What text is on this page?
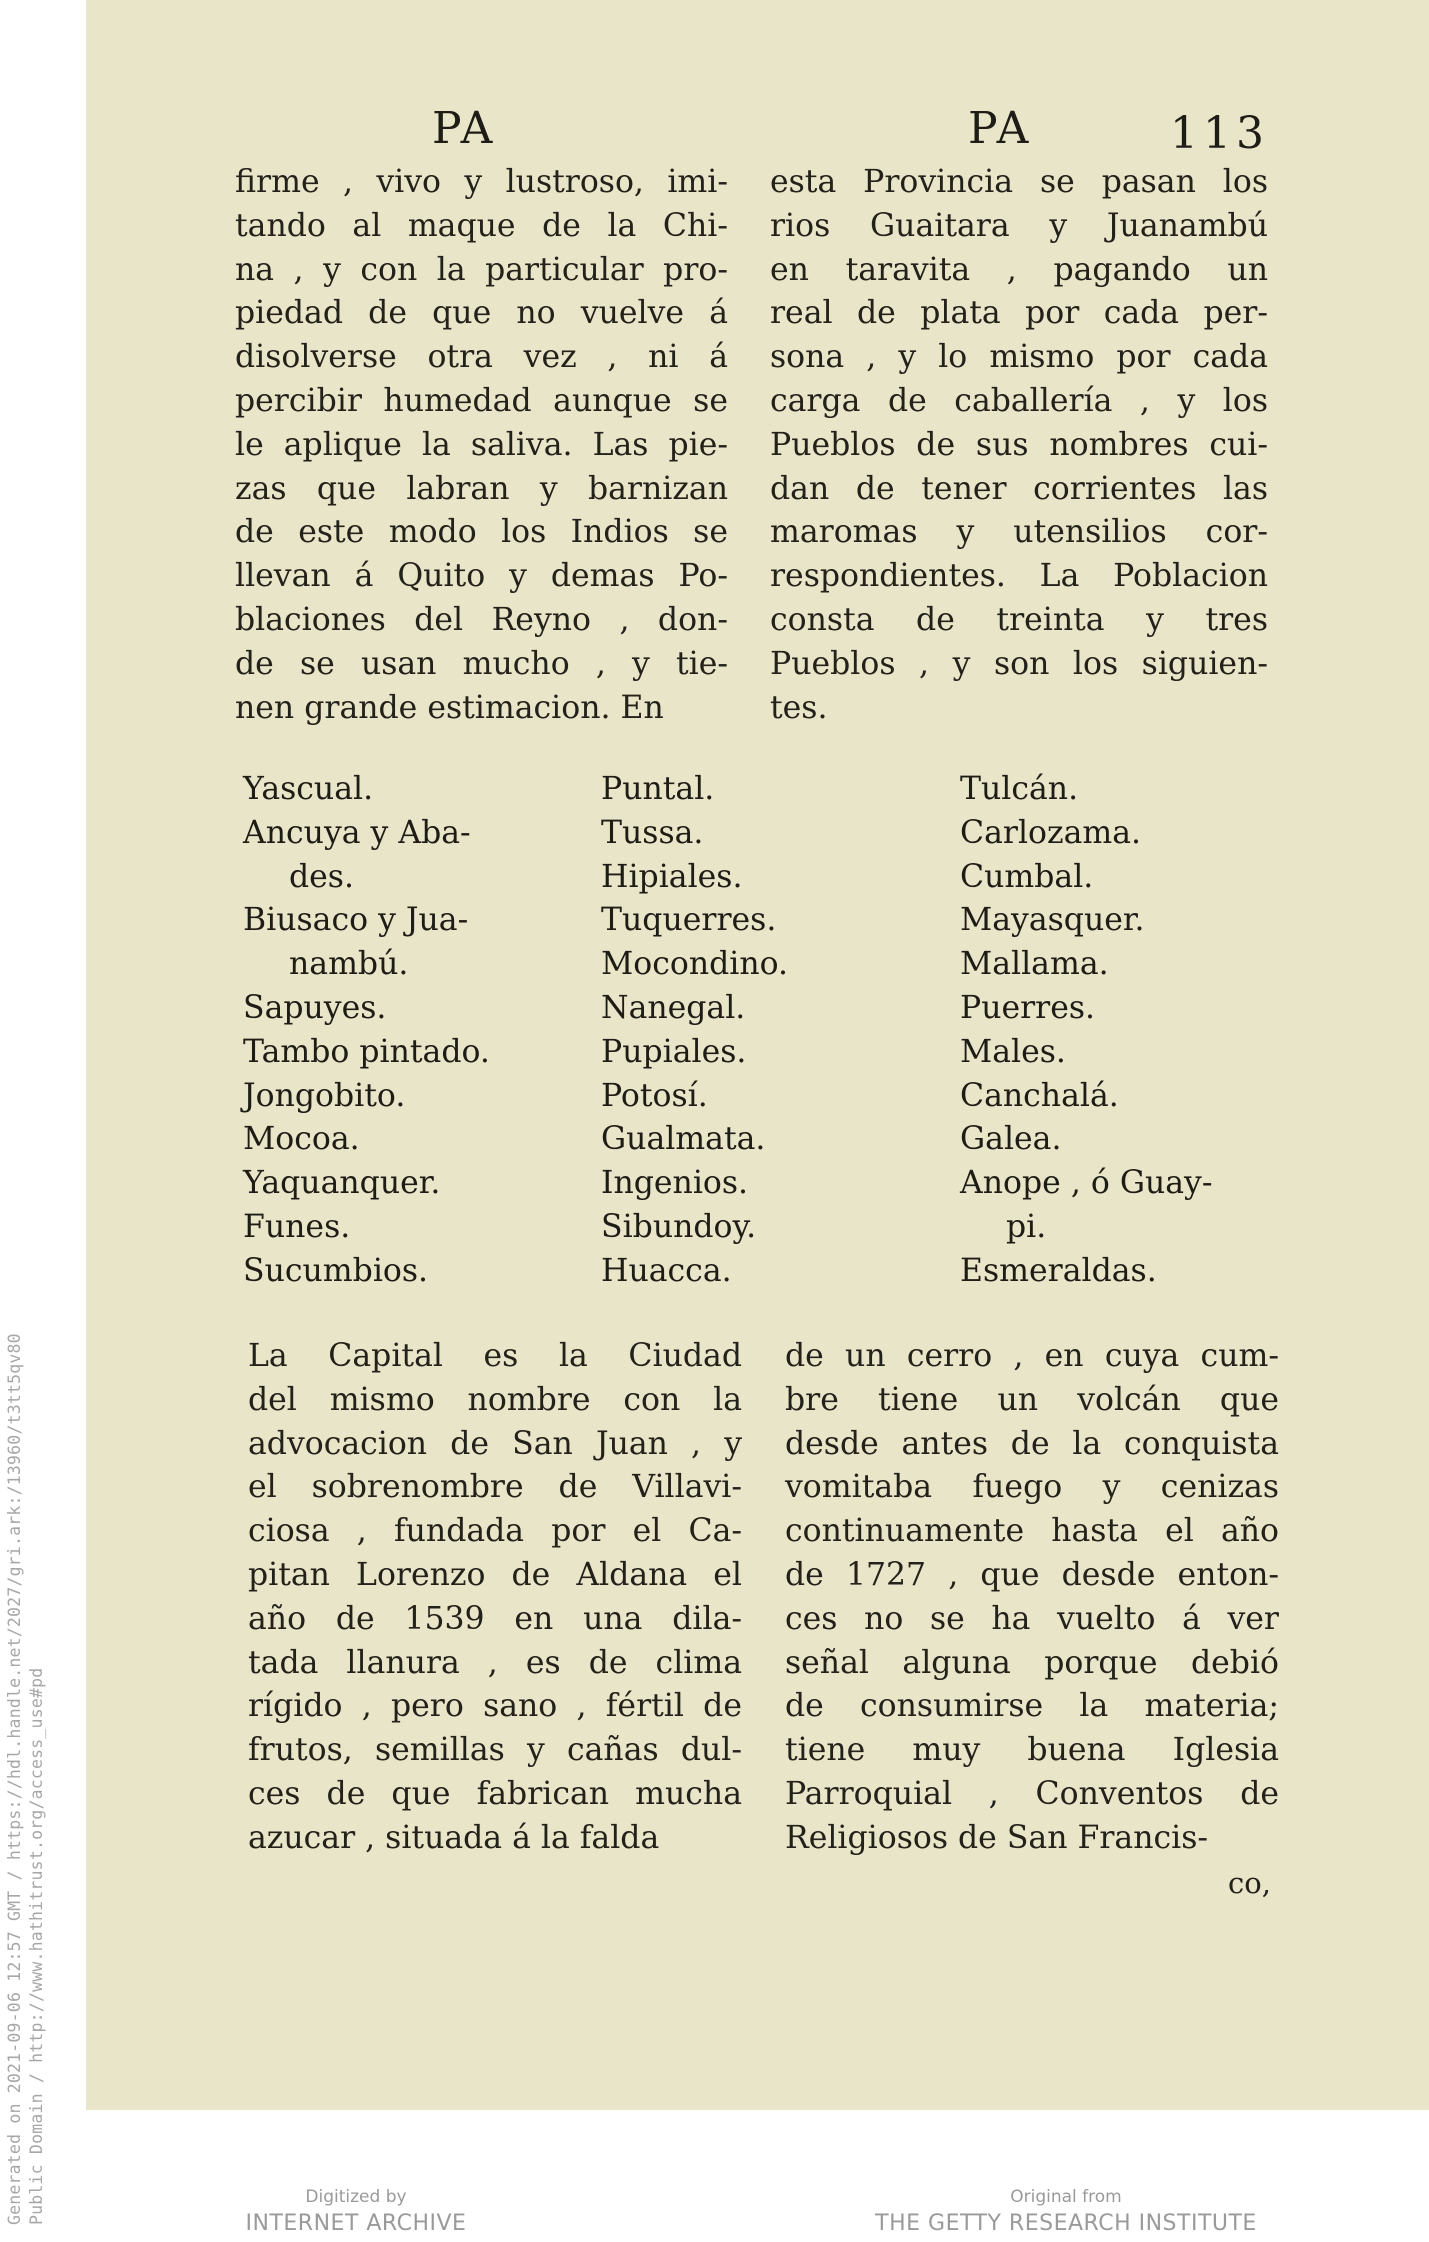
Generated on 2021-09-06 12:57 GMT / https://hdl.handle.net/2027/gri.ark:/13960/t3tt5qv80 Public Domain / http://www.hathitrust.org/access_use#pd
PA	PA	113
firme , vivo y lustroso, imi-
tando al maque de la Chi-
na , y con la particular pro-
piedad de que no vuelve á
disolverse otra vez , ni á
percibir humedad aunque se
le aplique la saliva. Las pie-
zas que labran y barnizan
de este modo los Indios se
llevan á Quito y demas Po-
blaciones del Reyno , don-
de se usan mucho , y tie-
nen grande estimacion. En
esta Provincia se pasan los
rios Guaitara y Juanambú
en taravita , pagando un
real de plata por cada per-
sona , y lo mismo por cada
carga de caballería , y los
Pueblos de sus nombres cui-
dan de tener corrientes las
maromas y utensilios cor-
respondientes. La Poblacion
consta de treinta y tres
Pueblos , y son los siguien-
tes.
Yascual.
Ancuya y Aba-
des.
Biusaco y Jua-
nambú.
Sapuyes.
Tambo pintado.
Jongobito.
Mocoa.
Yaquanquer.
Funes.
Sucumbios.
Puntal.
Tussa.
Hipiales.
Tuquerres.
Mocondino.
Nanegal.
Pupiales.
Potosí.
Gualmata.
Ingenios.
Sibundoy.
Huacca.
Tulcán.
Carlozama.
Cumbal.
Mayasquer.
Mallama.
Puerres.
Males.
Canchalá.
Galea.
Anope , ó Guay-
pi.
Esmeraldas.
La Capital es la Ciudad
del mismo nombre con la
advocacion de San Juan , y
el sobrenombre de Villavi-
ciosa , fundada por el Ca-
pitan Lorenzo de Aldana el
año de 1539 en una dila-
tada llanura , es de clima
rígido , pero sano , fértil de
frutos, semillas y cañas dul-
ces de que fabrican mucha
azucar , situada á la falda
de un cerro , en cuya cum-
bre tiene un volcán que
desde antes de la conquista
vomitaba fuego y cenizas
continuamente hasta el año
de 1727 , que desde enton-
ces no se ha vuelto á ver
señal alguna porque debió
de consumirse la materia;
tiene muy buena Iglesia
Parroquial , Conventos de
Religiosos de San Francis-
co,
Digitized by
INTERNET ARCHIVE
Original from
THE GETTY RESEARCH INSTITUTE
